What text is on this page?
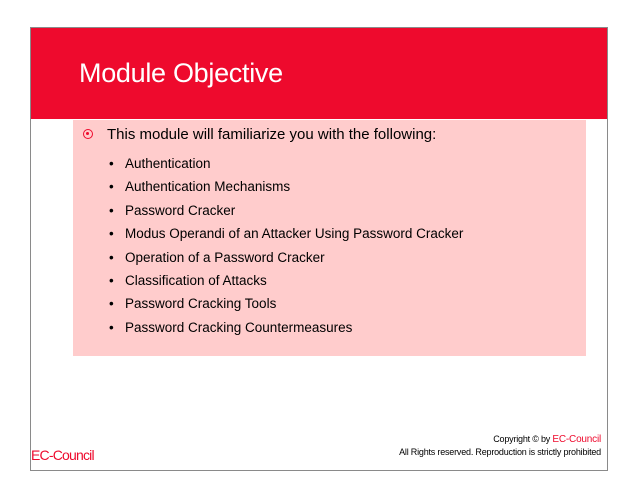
Module Objective
This module will familiarize you with the following:
• Authentication
• Authentication Mechanisms
• Password Cracker
• Modus Operandi of an Attacker Using Password Cracker
• Operation of a Password Cracker
• Classification of Attacks
• Password Cracking Tools
• Password Cracking Countermeasures
EC-Council
Copyright © by EC-Council
All Rights reserved. Reproduction is strictly prohibited
